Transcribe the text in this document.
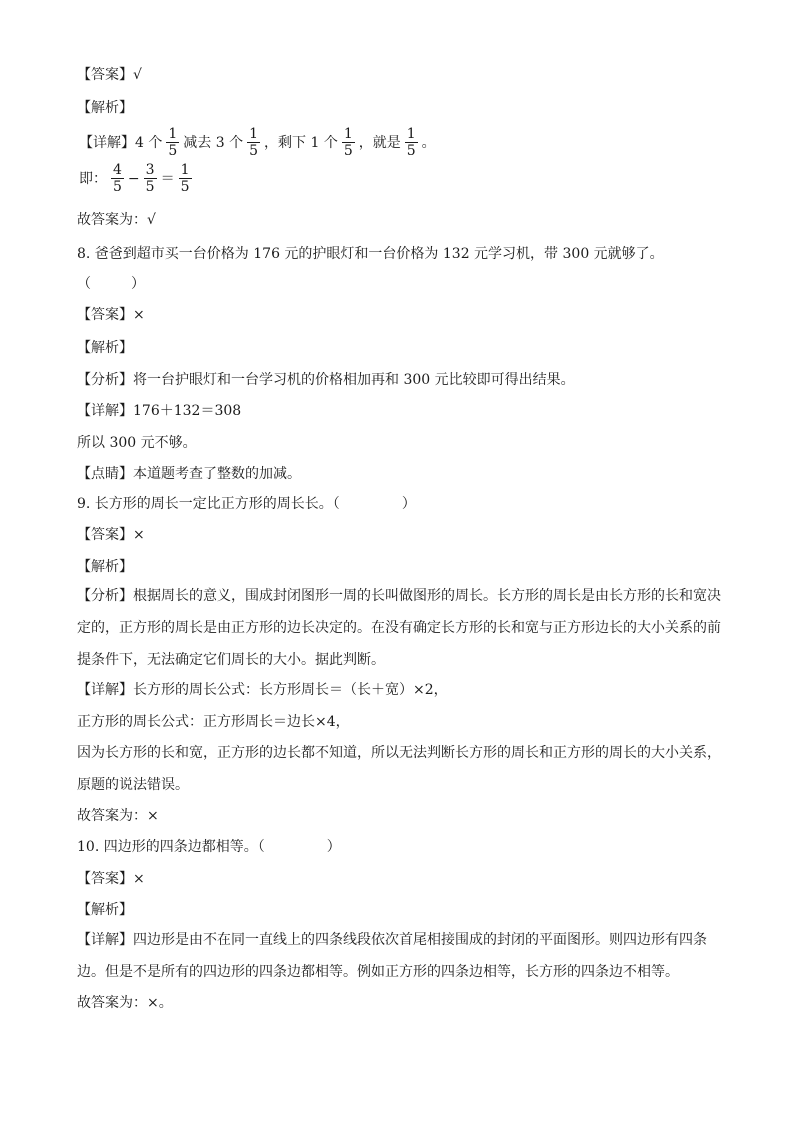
【答案】√
【解析】
【详解】4 个 $\frac{1}{5}$ 减去 3 个 $\frac{1}{5}$ ，剩下 1 个 $\frac{1}{5}$ ，就是 $\frac{1}{5}$ 。
即： $\frac{4}{5} - \frac{3}{5} = \frac{1}{5}$
故答案为：√
8. 爸爸到超市买一台价格为 176 元的护眼灯和一台价格为 132 元学习机，带 300 元就够了。
（	）
【答案】×
【解析】
【分析】将一台护眼灯和一台学习机的价格相加再和 300 元比较即可得出结果。
【详解】176＋132＝308
所以 300 元不够。
【点睛】本道题考查了整数的加减。
9. 长方形的周长一定比正方形的周长长。（	）
【答案】×
【解析】
【分析】根据周长的意义，围成封闭图形一周的长叫做图形的周长。长方形的周长是由长方形的长和宽决定的，正方形的周长是由正方形的边长决定的。在没有确定长方形的长和宽与正方形边长的大小关系的前提条件下，无法确定它们周长的大小。据此判断。
【详解】长方形的周长公式：长方形周长＝（长＋宽）×2，
正方形的周长公式：正方形周长＝边长×4，
因为长方形的长和宽，正方形的边长都不知道，所以无法判断长方形的周长和正方形的周长的大小关系，
原题的说法错误。
故答案为：×
10. 四边形的四条边都相等。（	）
【答案】×
【解析】
【详解】四边形是由不在同一直线上的四条线段依次首尾相接围成的封闭的平面图形。则四边形有四条边。但是不是所有的四边形的四条边都相等。例如正方形的四条边相等，长方形的四条边不相等。
故答案为：×。
